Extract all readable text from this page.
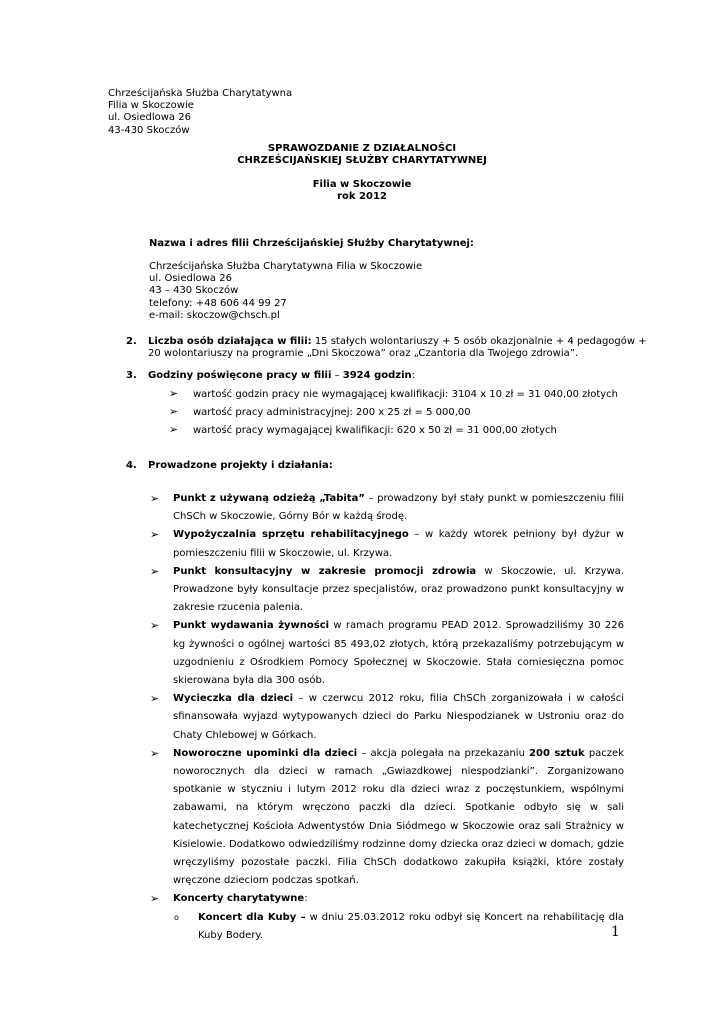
Chrześcijańska Służba Charytatywna
Filia w Skoczowie
ul. Osiedlowa 26
43-430 Skoczów
SPRAWOZDANIE Z DZIAŁALNOŚCI
CHRZEŚCIJAŃSKIEJ SŁUŻBY CHARYTATYWNEJ
Filia w Skoczowie
rok 2012
Nazwa i adres filii Chrześcijańskiej Służby Charytatywnej:
Chrześcijańska Służba Charytatywna Filia w Skoczowie
ul. Osiedlowa 26
43 – 430 Skoczów
telefony: +48 606 44 99 27
e-mail: skoczow@chsch.pl
2. Liczba osób działająca w filii: 15 stałych wolontariuszy + 5 osób okazjonalnie + 4 pedagogów +
20 wolontariuszy na programie „Dni Skoczowa” oraz „Czantoria dla Twojego zdrowia”.
3. Godziny poświęcone pracy w filii – 3924 godzin:
➢ wartość godzin pracy nie wymagającej kwalifikacji: 3104 x 10 zł = 31 040,00 złotych
➢ wartość pracy administracyjnej: 200 x 25 zł = 5 000,00
➢ wartość pracy wymagającej kwalifikacji: 620 x 50 zł = 31 000,00 złotych
4. Prowadzone projekty i działania:
➢ Punkt z używaną odzieżą „Tabita” – prowadzony był stały punkt w pomieszczeniu filii ChSCh w Skoczowie, Górny Bór w każdą środę.
➢ Wypożyczalnia sprzętu rehabilitacyjnego – w każdy wtorek pełniony był dyżur w pomieszczeniu filii w Skoczowie, ul. Krzywa.
➢ Punkt konsultacyjny w zakresie promocji zdrowia w Skoczowie, ul. Krzywa. Prowadzone były konsultacje przez specjalistów, oraz prowadzono punkt konsultacyjny w zakresie rzucenia palenia.
➢ Punkt wydawania żywności w ramach programu PEAD 2012. Sprowadziliśmy 30 226 kg żywności o ogólnej wartości 85 493,02 złotych, którą przekazaliśmy potrzebującym w uzgodnieniu z Ośrodkiem Pomocy Społecznej w Skoczowie. Stała comiesięczna pomoc skierowana była dla 300 osób.
➢ Wycieczka dla dzieci – w czerwcu 2012 roku, filia ChSCh zorganizowała i w całości sfinansowała wyjazd wytypowanych dzieci do Parku Niespodzianek w Ustroniu oraz do Chaty Chlebowej w Górkach.
➢ Noworoczne upominki dla dzieci – akcja polegała na przekazaniu 200 sztuk paczek noworocznych dla dzieci w ramach „Gwiazdkowej niespodzianki”. Zorganizowano spotkanie w styczniu i lutym 2012 roku dla dzieci wraz z poczęstunkiem, wspólnymi zabawami, na którym wręczono paczki dla dzieci. Spotkanie odbyło się w sali katechetycznej Kościoła Adwentystów Dnia Siódmego w Skoczowie oraz sali Strażnicy w Kisielowie. Dodatkowo odwiedziliśmy rodzinne domy dziecka oraz dzieci w domach, gdzie wręczyliśmy pozostałe paczki. Filia ChSCh dodatkowo zakupiła książki, które zostały wręczone dzieciom podczas spotkań.
➢ Koncerty charytatywne:
o Koncert dla Kuby – w dniu 25.03.2012 roku odbył się Koncert na rehabilitację dla Kuby Bodery.	1
